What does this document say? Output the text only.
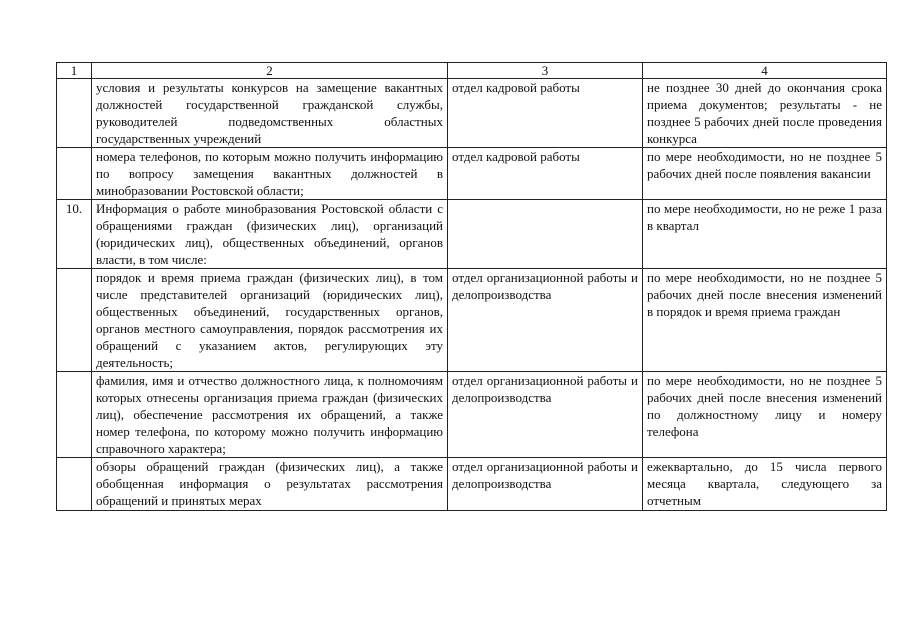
1	2	3	4
	условия и результаты конкурсов на замещение вакантных должностей государственной гражданской службы, руководителей подведомственных областных государственных учреждений	отдел кадровой работы	не позднее 30 дней до окончания срока приема документов; результаты - не позднее 5 рабочих дней после проведения конкурса
	номера телефонов, по которым можно получить информацию по вопросу замещения вакантных должностей в минобразовании Ростовской области;	отдел кадровой работы	по мере необходимости, но не позднее 5 рабочих дней после появления вакансии
10.	Информация о работе минобразования Ростовской области с обращениями граждан (физических лиц), организаций (юридических лиц), общественных объединений, органов власти, в том числе:		по мере необходимости, но не реже 1 раза в квартал
	порядок и время приема граждан (физических лиц), в том числе представителей организаций (юридических лиц), общественных объединений, государственных органов, органов местного самоуправления, порядок рассмотрения их обращений с указанием актов, регулирующих эту деятельность;	отдел организационной работы и делопроизводства	по мере необходимости, но не позднее 5 рабочих дней после внесения изменений в порядок и время приема граждан
	фамилия, имя и отчество должностного лица, к полномочиям которых отнесены организация приема граждан (физических лиц), обеспечение рассмотрения их обращений, а также номер телефона, по которому можно получить информацию справочного характера;	отдел организационной работы и делопроизводства	по мере необходимости, но не позднее 5 рабочих дней после внесения изменений по должностному лицу и номеру телефона
	обзоры обращений граждан (физических лиц), а также обобщенная информация о результатах рассмотрения обращений и принятых мерах	отдел организационной работы и делопроизводства	ежеквартально, до 15 числа первого месяца квартала, следующего за отчетным
